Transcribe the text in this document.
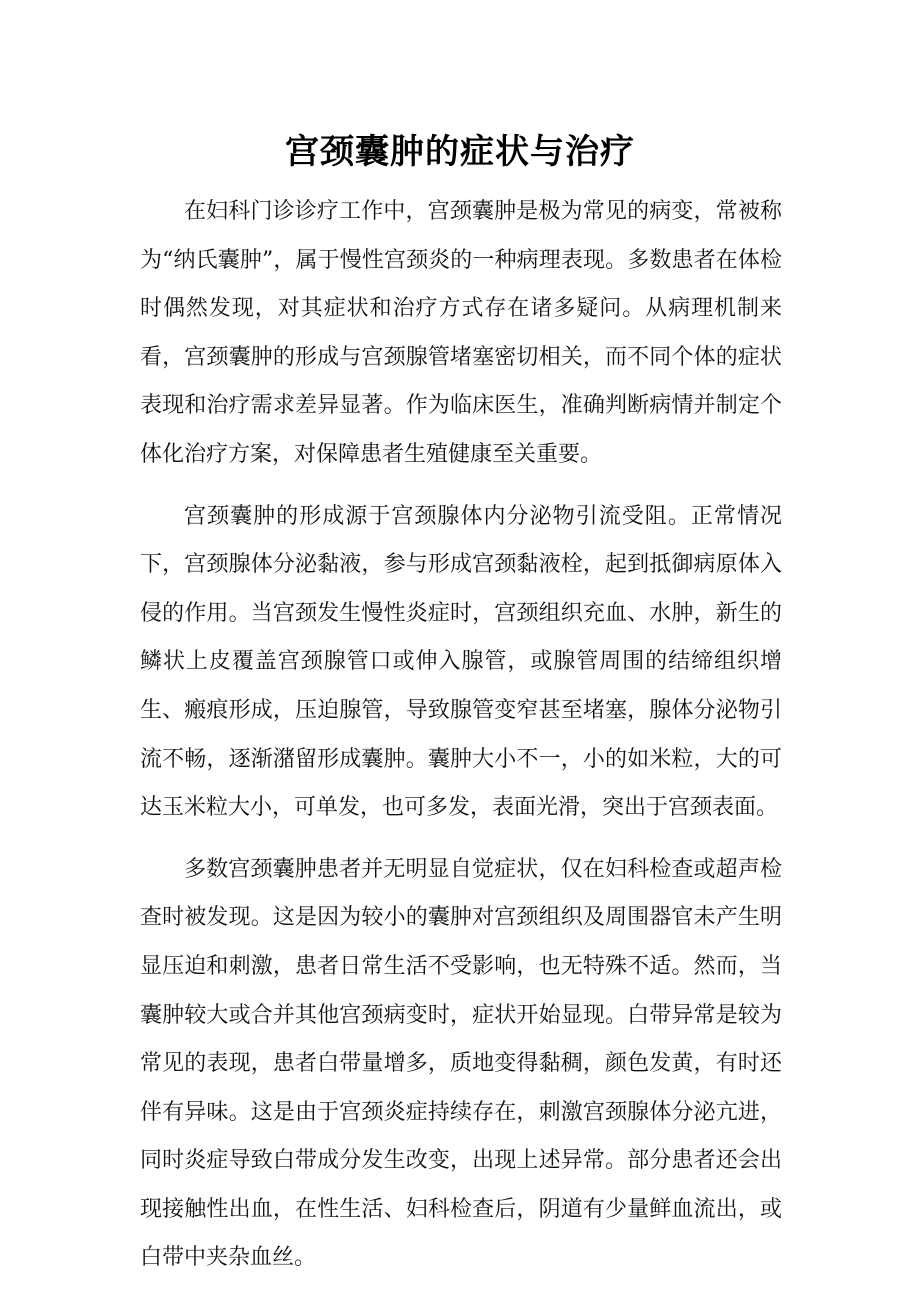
宫颈囊肿的症状与治疗

在妇科门诊诊疗工作中，宫颈囊肿是极为常见的病变，常被称为“纳氏囊肿”，属于慢性宫颈炎的一种病理表现。多数患者在体检时偶然发现，对其症状和治疗方式存在诸多疑问。从病理机制来看，宫颈囊肿的形成与宫颈腺管堵塞密切相关，而不同个体的症状表现和治疗需求差异显著。作为临床医生，准确判断病情并制定个体化治疗方案，对保障患者生殖健康至关重要。

宫颈囊肿的形成源于宫颈腺体内分泌物引流受阻。正常情况下，宫颈腺体分泌黏液，参与形成宫颈黏液栓，起到抵御病原体入侵的作用。当宫颈发生慢性炎症时，宫颈组织充血、水肿，新生的鳞状上皮覆盖宫颈腺管口或伸入腺管，或腺管周围的结缔组织增生、瘢痕形成，压迫腺管，导致腺管变窄甚至堵塞，腺体分泌物引流不畅，逐渐潴留形成囊肿。囊肿大小不一，小的如米粒，大的可达玉米粒大小，可单发，也可多发，表面光滑，突出于宫颈表面。

多数宫颈囊肿患者并无明显自觉症状，仅在妇科检查或超声检查时被发现。这是因为较小的囊肿对宫颈组织及周围器官未产生明显压迫和刺激，患者日常生活不受影响，也无特殊不适。然而，当囊肿较大或合并其他宫颈病变时，症状开始显现。白带异常是较为常见的表现，患者白带量增多，质地变得黏稠，颜色发黄，有时还伴有异味。这是由于宫颈炎症持续存在，刺激宫颈腺体分泌亢进，同时炎症导致白带成分发生改变，出现上述异常。部分患者还会出现接触性出血，在性生活、妇科检查后，阴道有少量鲜血流出，或白带中夹杂血丝。
